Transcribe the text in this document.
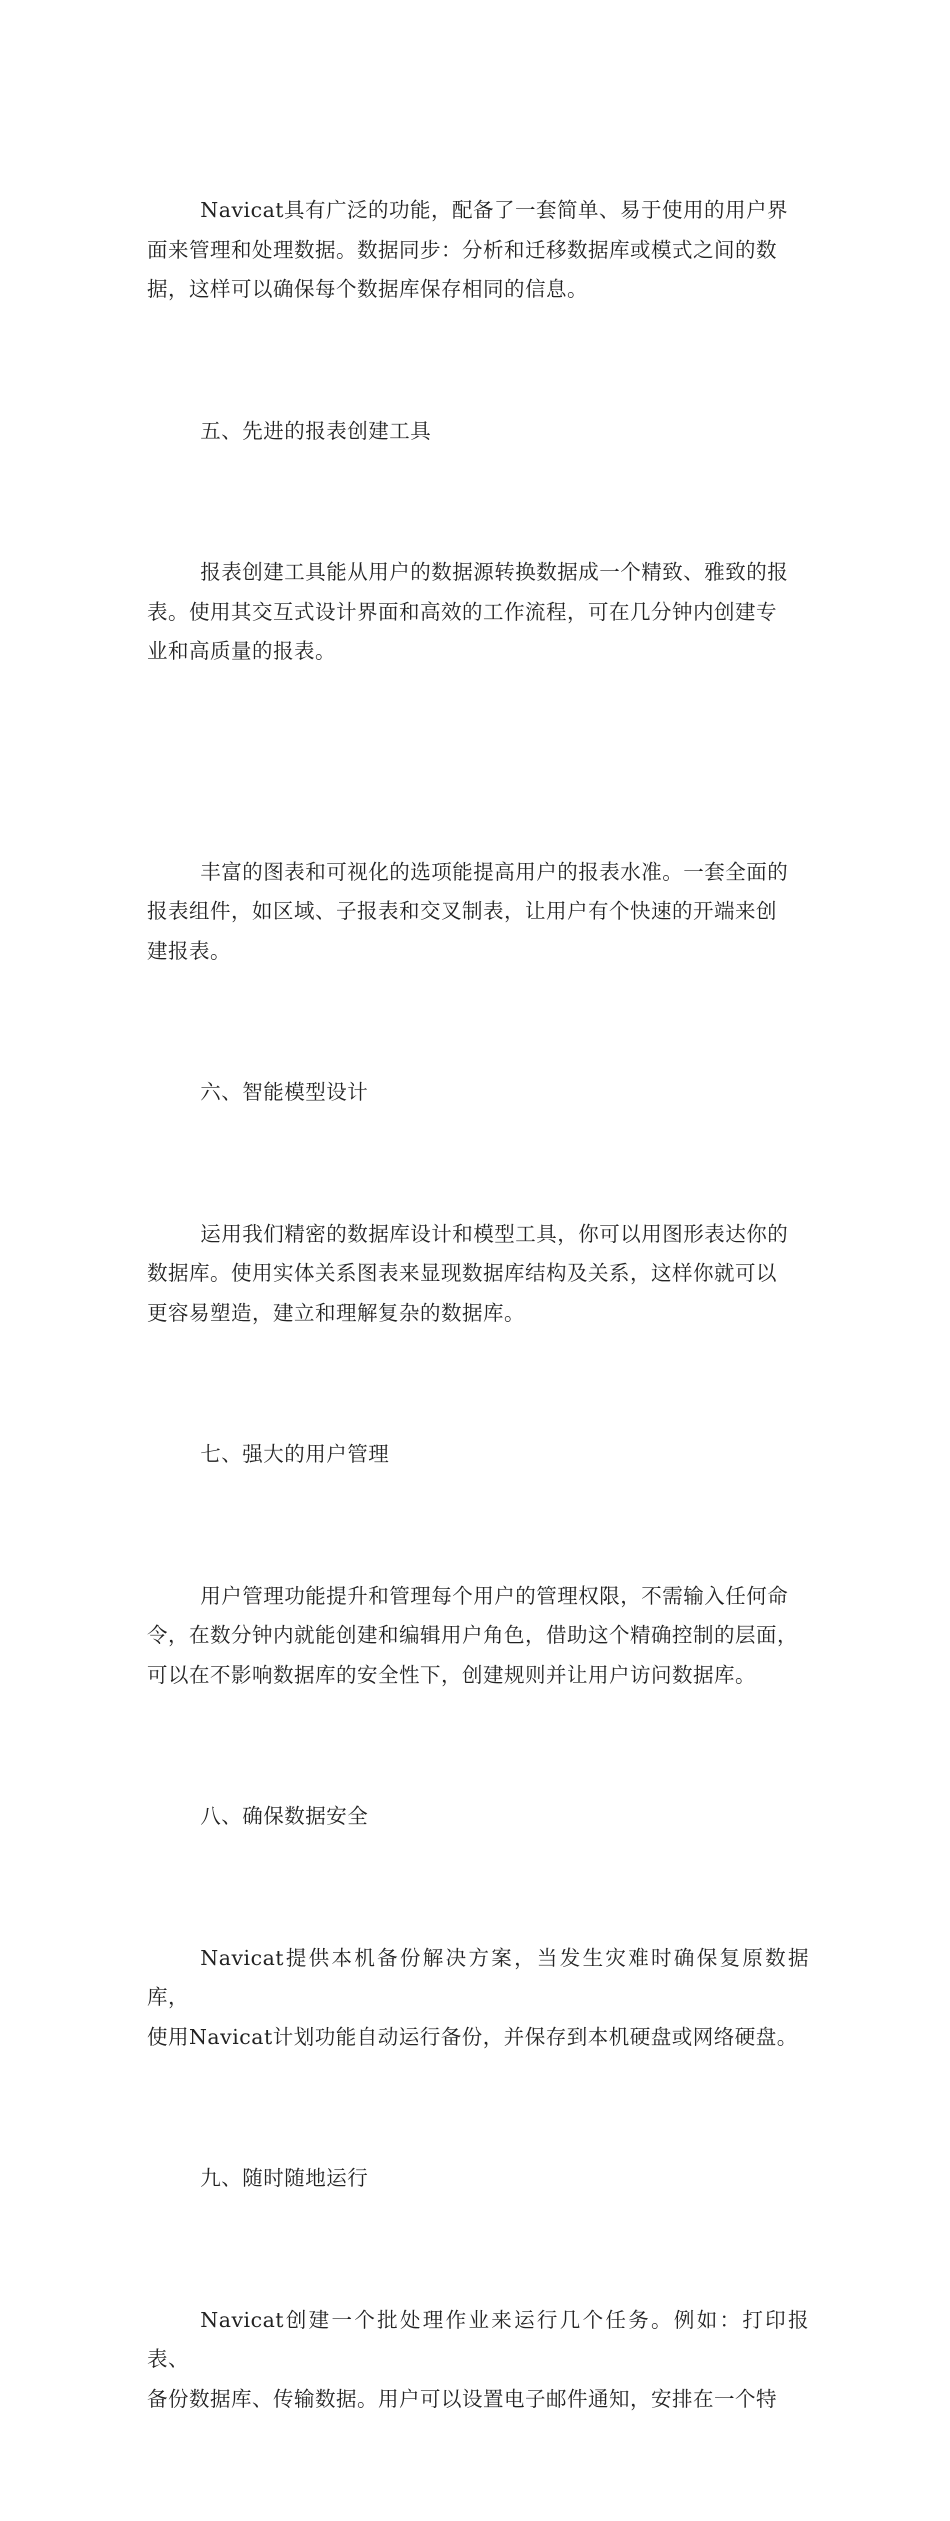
Navicat具有广泛的功能，配备了一套简单、易于使用的用户界
面来管理和处理数据。数据同步：分析和迁移数据库或模式之间的数
据，这样可以确保每个数据库保存相同的信息。

五、先进的报表创建工具

报表创建工具能从用户的数据源转换数据成一个精致、雅致的报
表。使用其交互式设计界面和高效的工作流程，可在几分钟内创建专
业和高质量的报表。

丰富的图表和可视化的选项能提高用户的报表水准。一套全面的
报表组件，如区域、子报表和交叉制表，让用户有个快速的开端来创
建报表。

六、智能模型设计

运用我们精密的数据库设计和模型工具，你可以用图形表达你的
数据库。使用实体关系图表来显现数据库结构及关系，这样你就可以
更容易塑造，建立和理解复杂的数据库。

七、强大的用户管理

用户管理功能提升和管理每个用户的管理权限，不需输入任何命
令，在数分钟内就能创建和编辑用户角色，借助这个精确控制的层面，
可以在不影响数据库的安全性下，创建规则并让用户访问数据库。

八、确保数据安全

Navicat提供本机备份解决方案，当发生灾难时确保复原数据库，
使用Navicat计划功能自动运行备份，并保存到本机硬盘或网络硬盘。

九、随时随地运行

Navicat创建一个批处理作业来运行几个任务。例如：打印报表、
备份数据库、传输数据。用户可以设置电子邮件通知，安排在一个特
